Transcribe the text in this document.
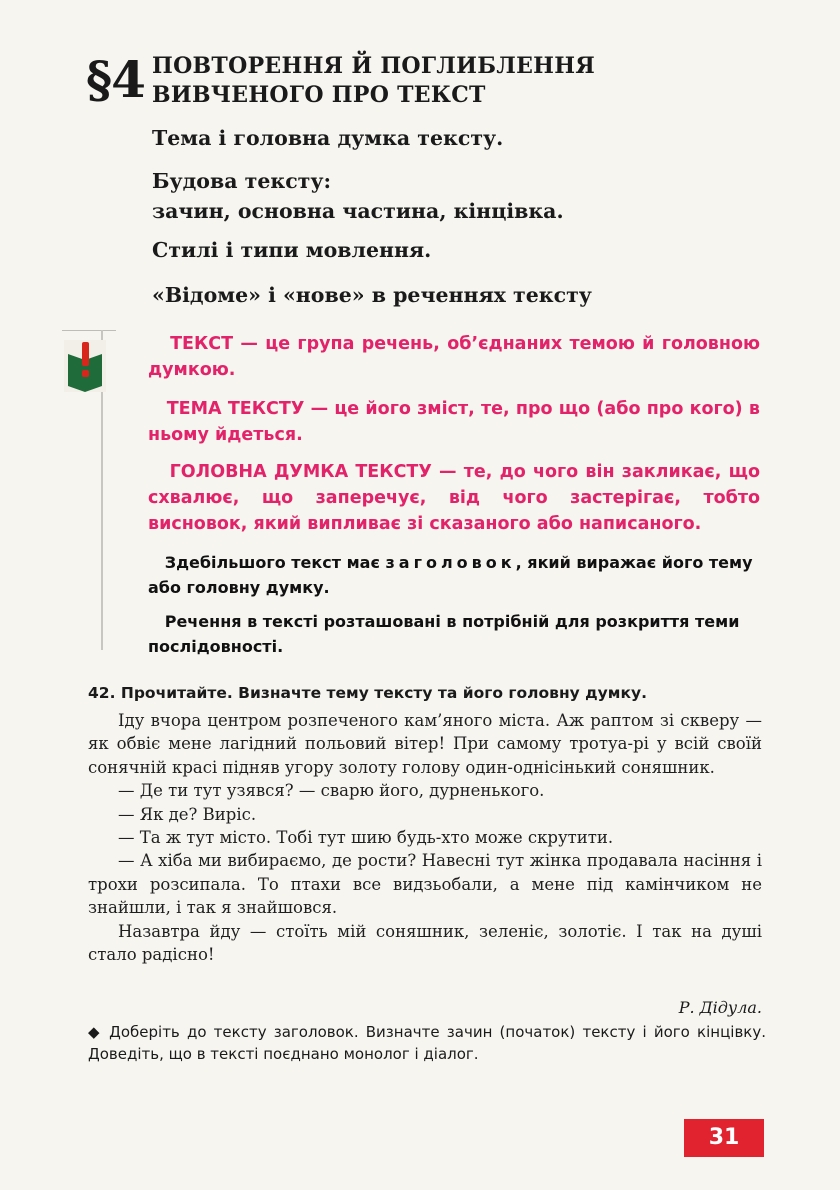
§4 ПОВТОРЕННЯ Й ПОГЛИБЛЕННЯ
ВИВЧЕНОГО ПРО ТЕКСТ
Тема і головна думка тексту.
Будова тексту:
зачин, основна частина, кінцівка.
Стилі і типи мовлення.
«Відоме» і «нове» в реченнях тексту
ТЕКСТ — це група речень, об’єднаних темою й головною думкою.
ТЕМА ТЕКСТУ — це його зміст, те, про що (або про кого) в ньому йдеться.
ГОЛОВНА ДУМКА ТЕКСТУ — те, до чого він закликає, що схвалює, що заперечує, від чого застерігає, тобто висновок, який випливає зі сказаного або написаного.
Здебільшого текст має заголовок, який виражає його тему або головну думку.
Речення в тексті розташовані в потрібній для розкриття теми послідовності.
42. Прочитайте. Визначте тему тексту та його головну думку.

Іду вчора центром розпеченого кам’яного міста. Аж раптом зі скверу — як обвіє мене лагідний польовий вітер! При самому тротуа-рі у всій своїй сонячній красі підняв угору золоту голову один-однісінький соняшник.

— Де ти тут узявся? — сварю його, дурненького.

— Як де? Виріс.

— Та ж тут місто. Тобі тут шию будь-хто може скрутити.

— А хіба ми вибираємо, де рости? Навесні тут жінка продавала насіння і трохи розсипала. То птахи все видзьобали, а мене під камінчиком не знайшли, і так я знайшовся.

Назавтра йду — стоїть мій соняшник, зеленіє, золотіє. І так на душі стало радісно!

Р. Дідула.
◆ Доберіть до тексту заголовок. Визначте зачин (початок) тексту і його кінцівку. Доведіть, що в тексті поєднано монолог і діалог.
31
